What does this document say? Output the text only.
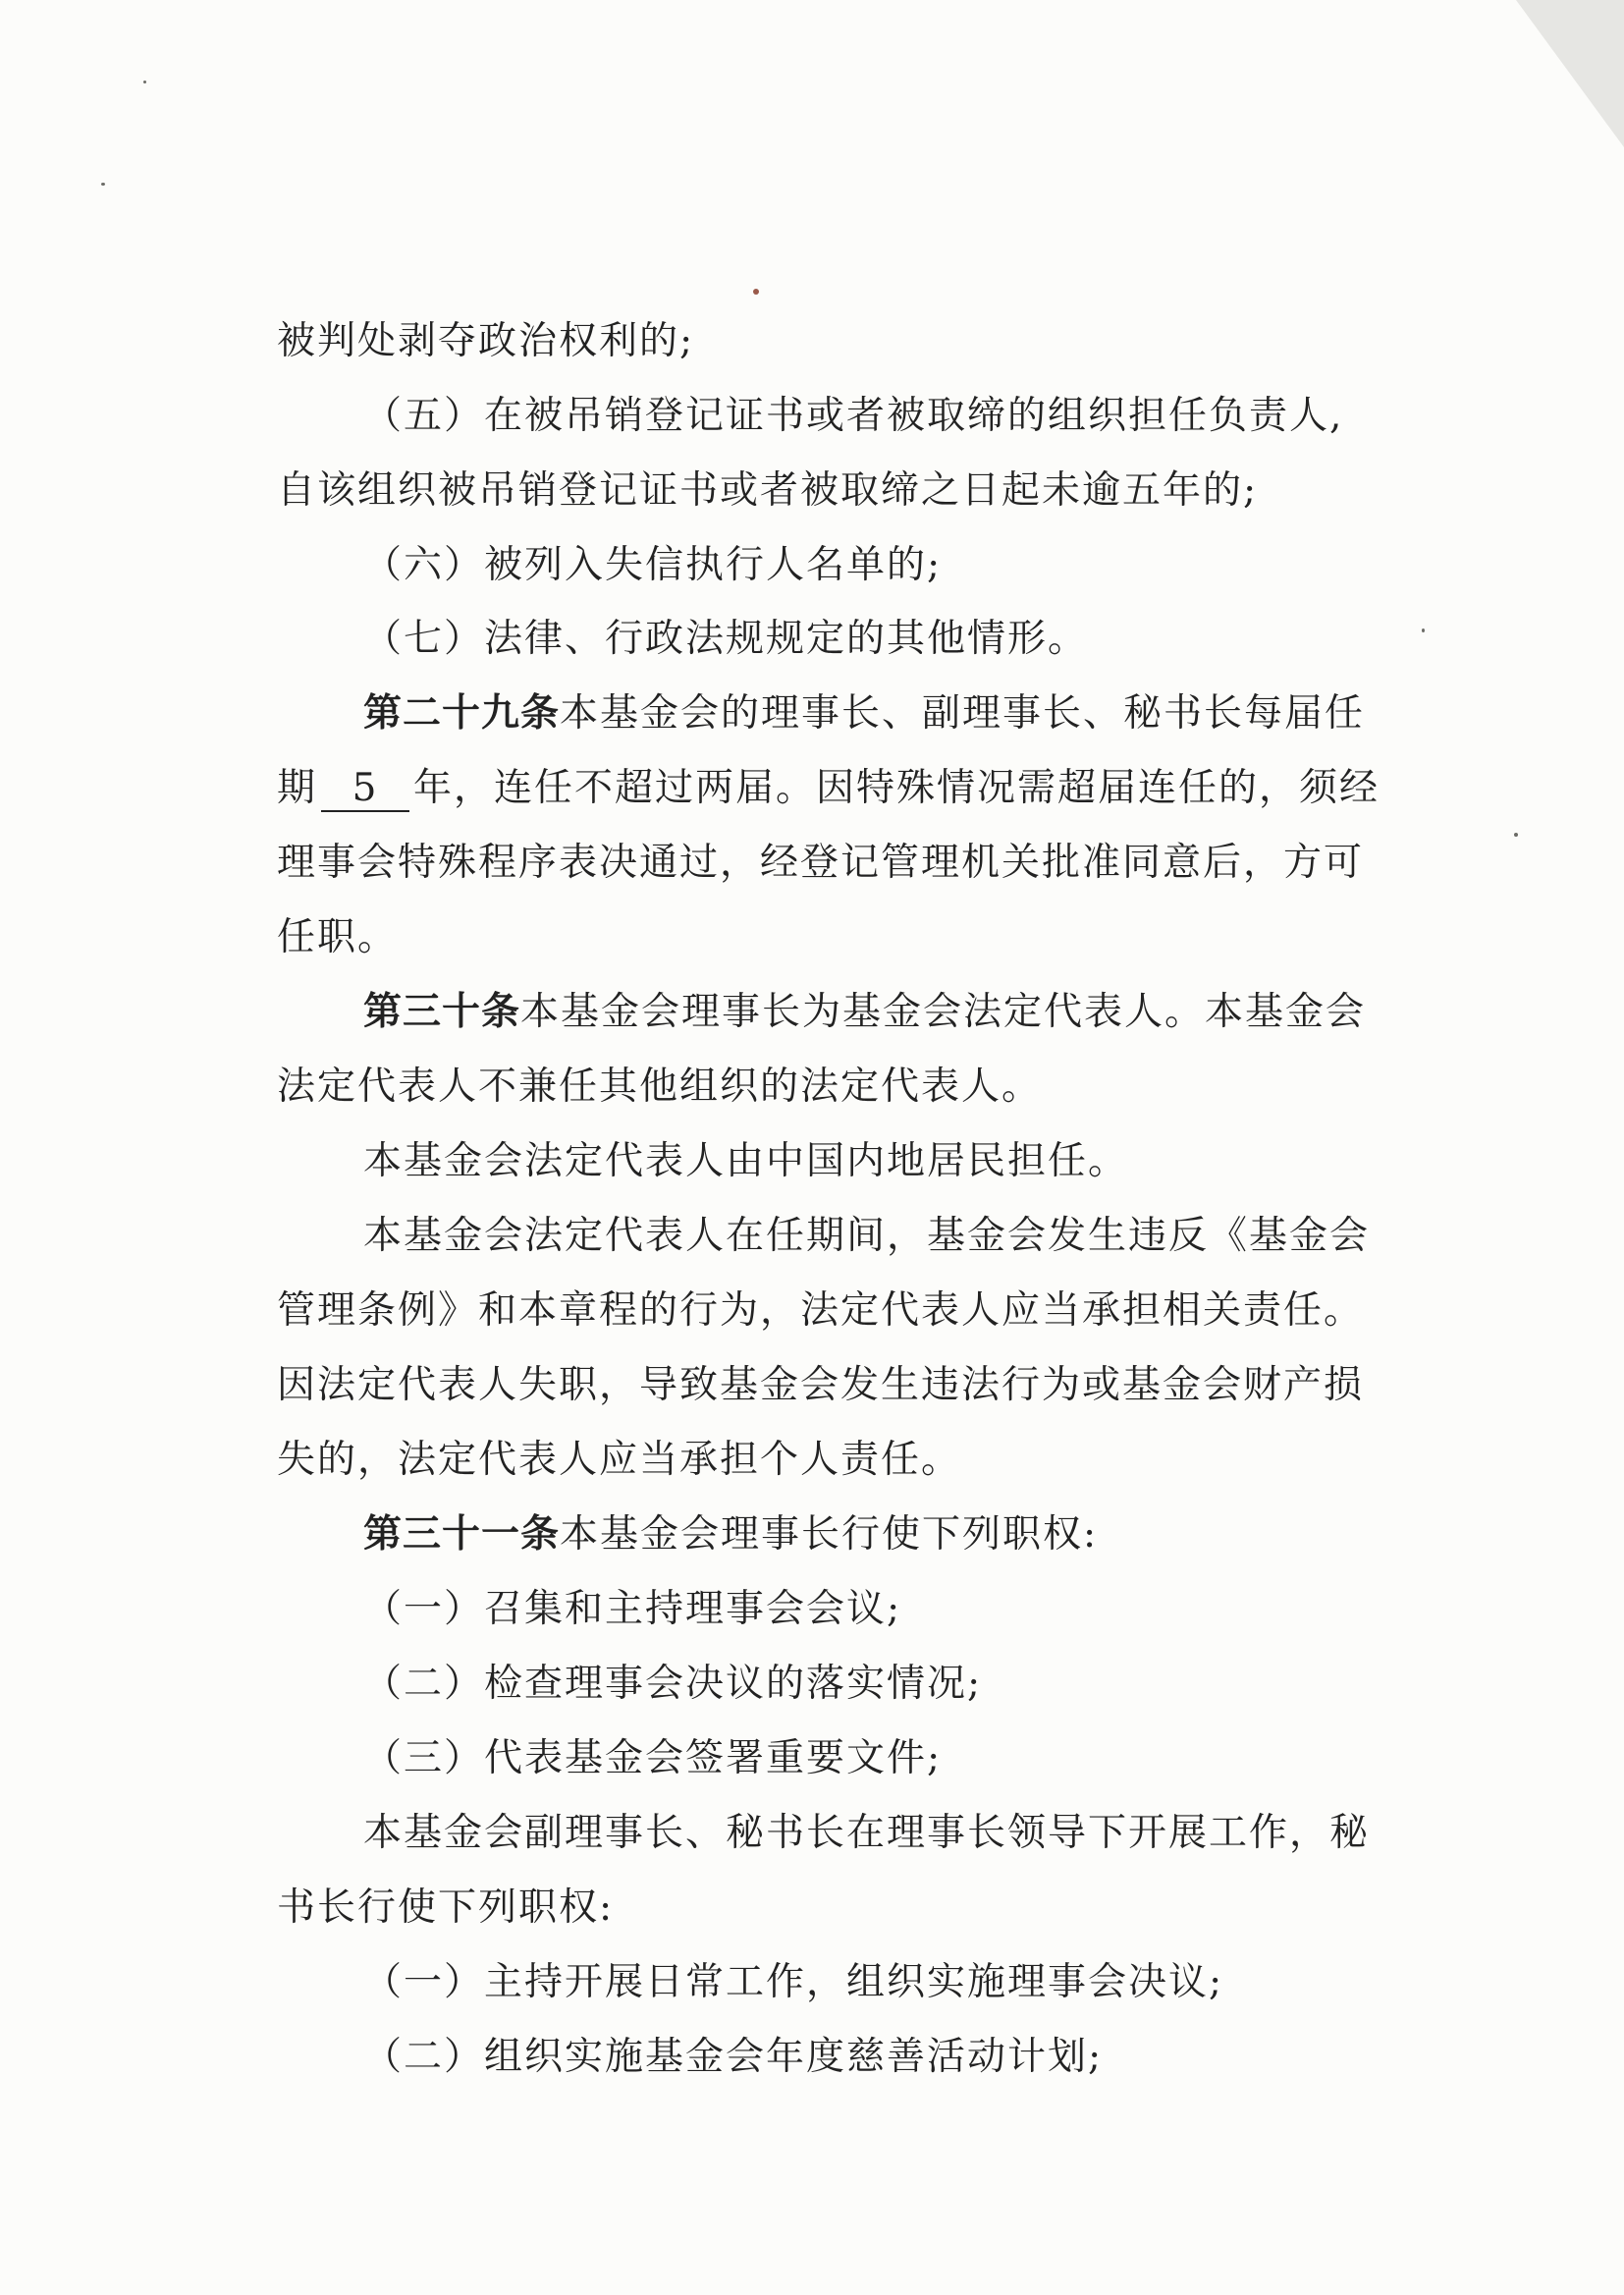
被判处剥夺政治权利的;
（五）在被吊销登记证书或者被取缔的组织担任负责人,
自该组织被吊销登记证书或者被取缔之日起未逾五年的;
（六）被列入失信执行人名单的;
（七）法律、行政法规规定的其他情形。
第二十九条本基金会的理事长、副理事长、秘书长每届任
期 5 年，连任不超过两届。因特殊情况需超届连任的，须经
理事会特殊程序表决通过，经登记管理机关批准同意后，方可
任职。
第三十条本基金会理事长为基金会法定代表人。本基金会
法定代表人不兼任其他组织的法定代表人。
本基金会法定代表人由中国内地居民担任。
本基金会法定代表人在任期间，基金会发生违反《基金会
管理条例》和本章程的行为，法定代表人应当承担相关责任。
因法定代表人失职，导致基金会发生违法行为或基金会财产损
失的，法定代表人应当承担个人责任。
第三十一条本基金会理事长行使下列职权:
（一）召集和主持理事会会议;
（二）检查理事会决议的落实情况;
（三）代表基金会签署重要文件;
本基金会副理事长、秘书长在理事长领导下开展工作，秘
书长行使下列职权:
（一）主持开展日常工作，组织实施理事会决议;
（二）组织实施基金会年度慈善活动计划;
